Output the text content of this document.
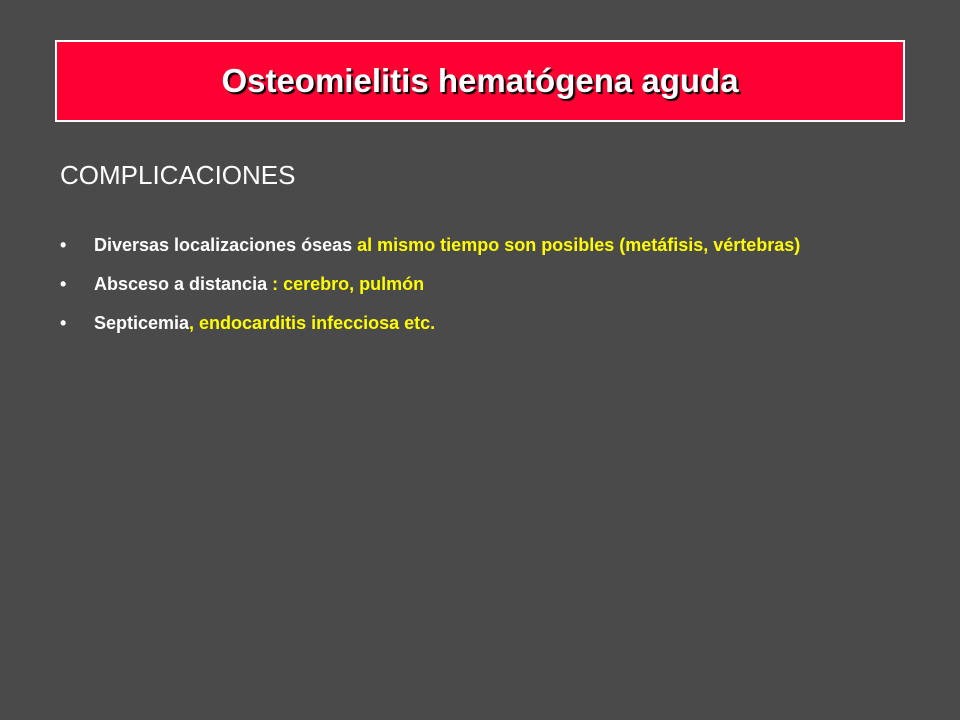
Osteomielitis hematógena aguda
COMPLICACIONES
• Diversas localizaciones óseas al mismo tiempo son posibles (metáfisis, vértebras)
• Absceso a distancia : cerebro, pulmón
• Septicemia, endocarditis infecciosa etc.
